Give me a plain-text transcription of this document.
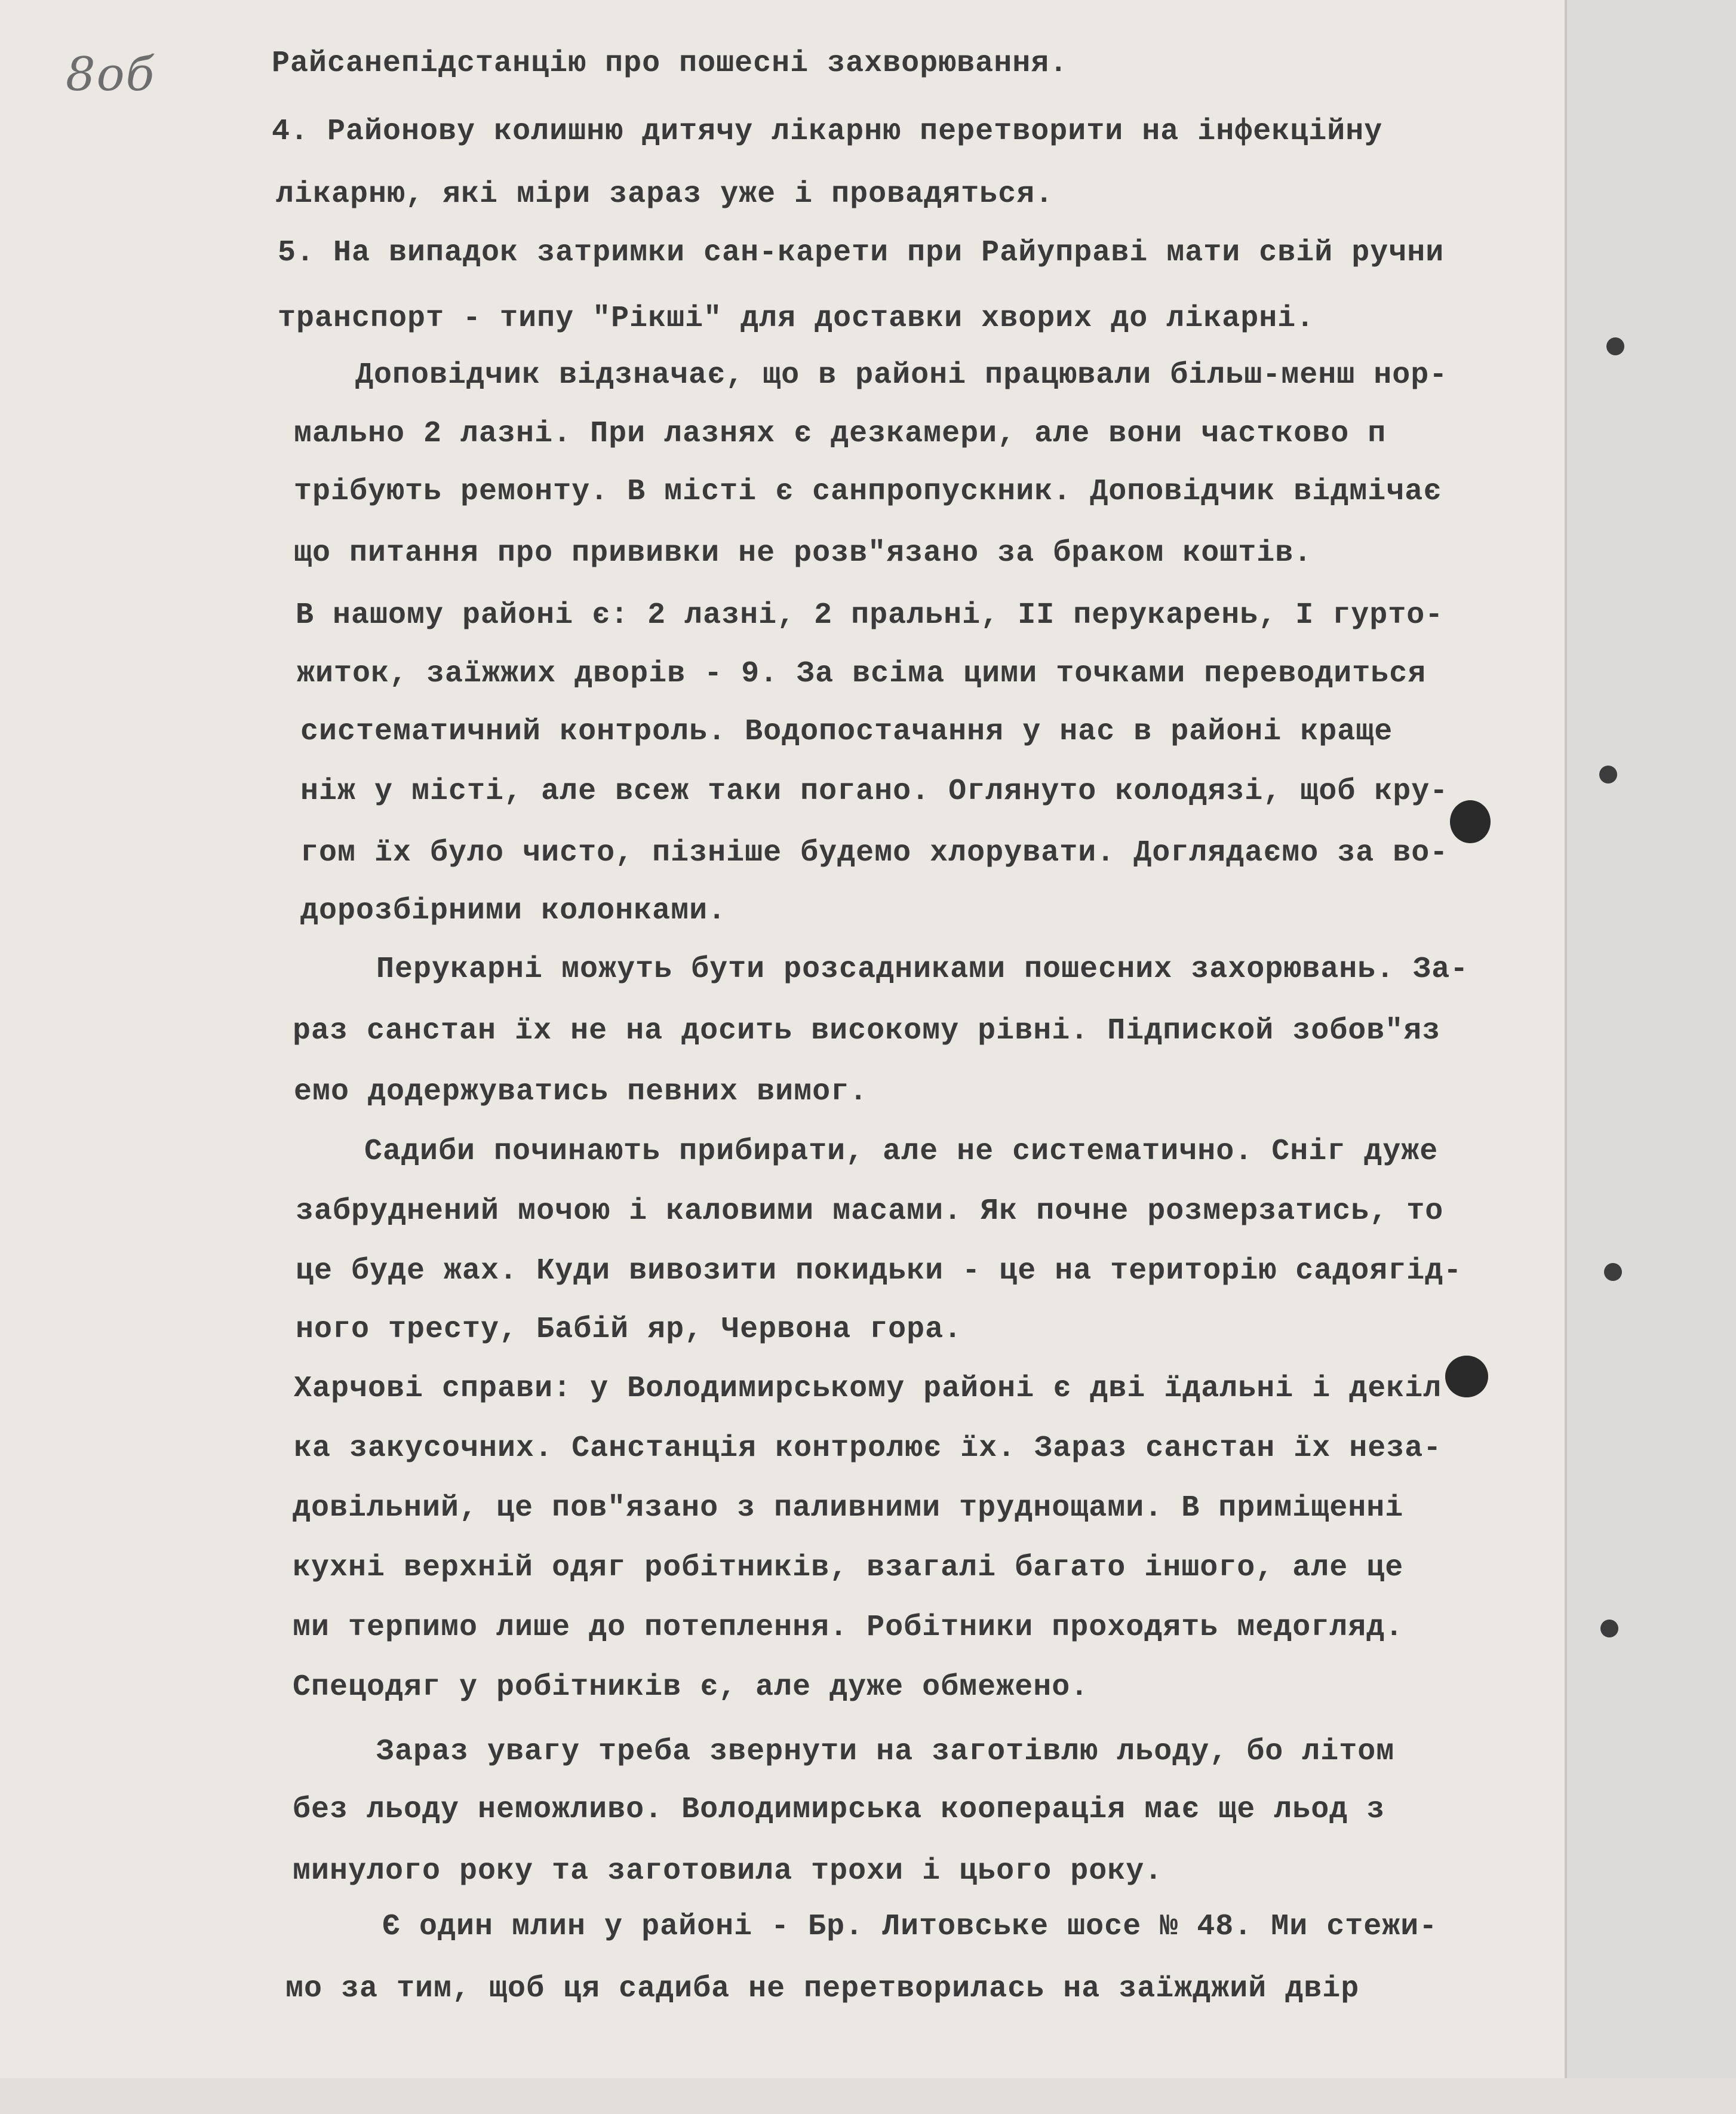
8об	Райсанепідстанцію про пошесні захворювання.
4. Районову колишню дитячу лікарню перетворити на інфекційну
лікарню, які міри зараз уже і провадяться.
5. На випадок затримки сан-карети при Райуправі мати свій ручни
транспорт - типу "Рікші" для доставки хворих до лікарні.
Доповідчик відзначає, що в районі працювали більш-менш нор-
мально 2 лазні. При лазнях є дезкамери, але вони частково п
трібують ремонту. В місті є санпропускник. Доповідчик відмічає
що питання про прививки не розв"язано за браком коштів.
В нашому районі є: 2 лазні, 2 пральні, ІІ перукарень, І гурто-
житок, заїжжих дворів - 9. За всіма цими точками переводиться
систематичний контроль. Водопостачання у нас в районі краще
ніж у місті, але всеж таки погано. Оглянуто колодязі, щоб кру-
гом їх було чисто, пізніше будемо хлорувати. Доглядаємо за во-
дорозбірними колонками.
Перукарні можуть бути розсадниками пошесних захорювань. За-
раз санстан їх не на досить високому рівні. Підпиской зобов"яз
емо додержуватись певних вимог.
Садиби починають прибирати, але не систематично. Сніг дуже
забруднений мочою і каловими масами. Як почне розмерзатись, то
це буде жах. Куди вивозити покидьки - це на територію садоягід-
ного тресту, Бабій яр, Червона гора.
Харчові справи: у Володимирському районі є дві їдальні і декіл
ка закусочних. Санстанція контролює їх. Зараз санстан їх неза-
довільний, це пов"язано з паливними труднощами. В приміщенні
кухні верхній одяг робітників, взагалі багато іншого, але це
ми терпимо лише до потеплення. Робітники проходять медогляд.
Спецодяг у робітників є, але дуже обмежено.
Зараз увагу треба звернути на заготівлю льоду, бо літом
без льоду неможливо. Володимирська кооперація має ще льод з
минулого року та заготовила трохи і цього року.
Є один млин у районі - Бр. Литовське шосе № 48. Ми стежи-
мо за тим, щоб ця садиба не перетворилась на заїжджий двір
